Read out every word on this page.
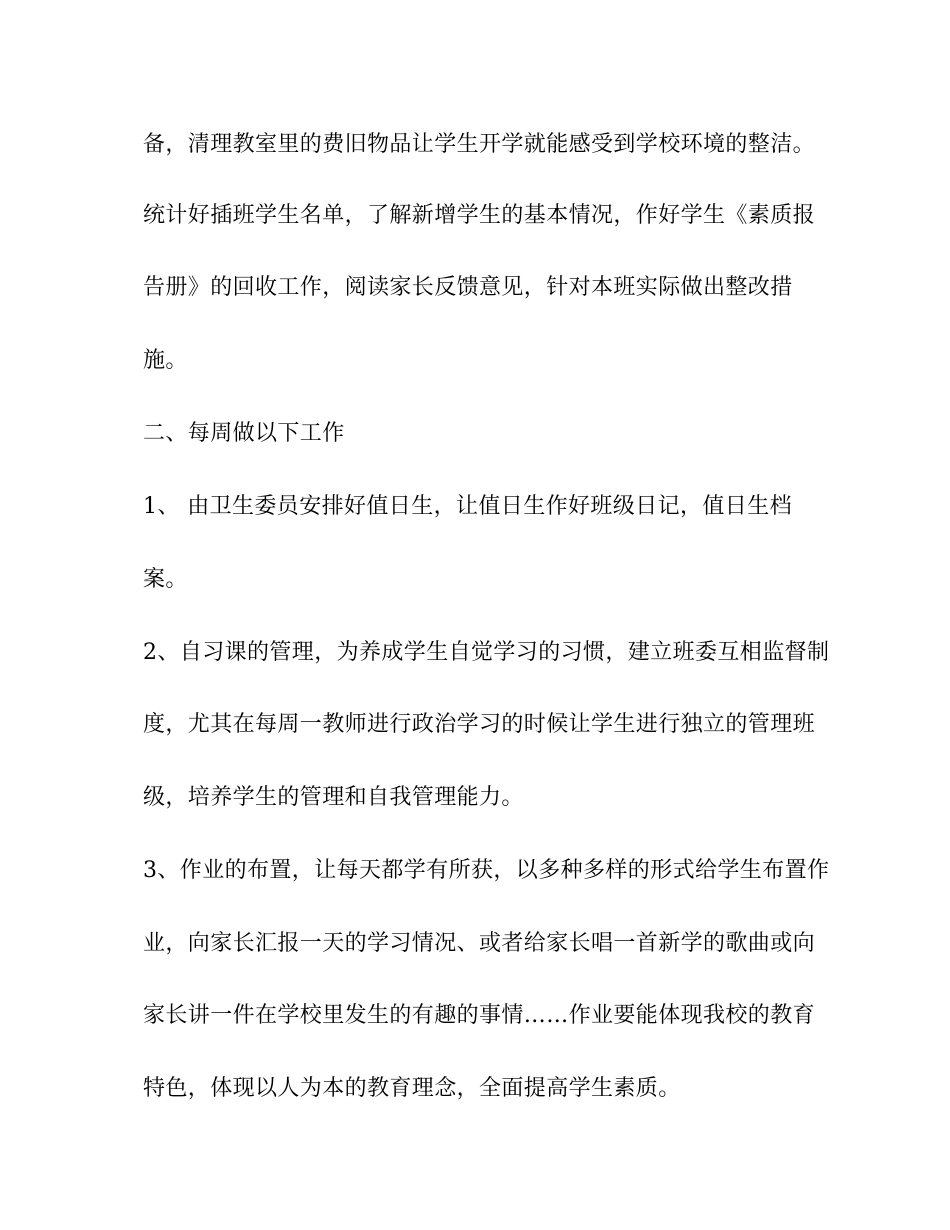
备，清理教室里的费旧物品让学生开学就能感受到学校环境的整洁。
统计好插班学生名单，了解新增学生的基本情况，作好学生《素质报
告册》的回收工作，阅读家长反馈意见，针对本班实际做出整改措
施。
二、每周做以下工作
1、 由卫生委员安排好值日生，让值日生作好班级日记，值日生档
案。
2、自习课的管理，为养成学生自觉学习的习惯，建立班委互相监督制
度，尤其在每周一教师进行政治学习的时候让学生进行独立的管理班
级，培养学生的管理和自我管理能力。
3、作业的布置，让每天都学有所获，以多种多样的形式给学生布置作
业，向家长汇报一天的学习情况、或者给家长唱一首新学的歌曲或向
家长讲一件在学校里发生的有趣的事情……作业要能体现我校的教育
特色，体现以人为本的教育理念，全面提高学生素质。
